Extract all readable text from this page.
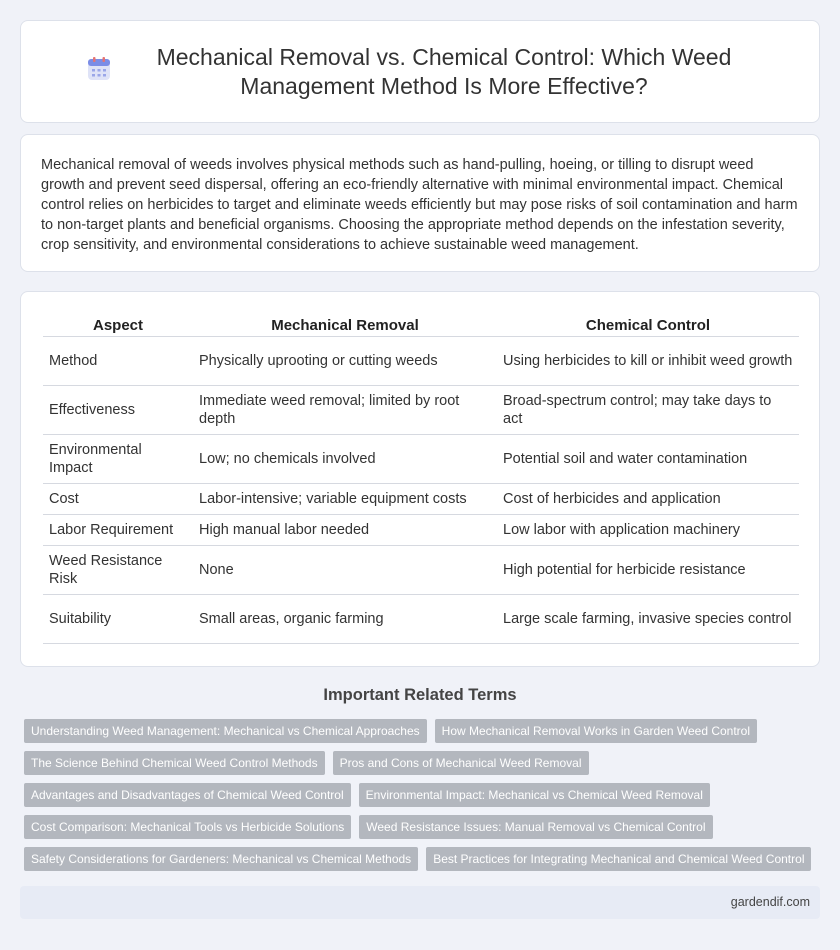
Mechanical Removal vs. Chemical Control: Which Weed Management Method Is More Effective?

Mechanical removal of weeds involves physical methods such as hand-pulling, hoeing, or tilling to disrupt weed growth and prevent seed dispersal, offering an eco-friendly alternative with minimal environmental impact. Chemical control relies on herbicides to target and eliminate weeds efficiently but may pose risks of soil contamination and harm to non-target plants and beneficial organisms. Choosing the appropriate method depends on the infestation severity, crop sensitivity, and environmental considerations to achieve sustainable weed management.

Aspect	Mechanical Removal	Chemical Control
Method	Physically uprooting or cutting weeds	Using herbicides to kill or inhibit weed growth
Effectiveness	Immediate weed removal; limited by root depth	Broad-spectrum control; may take days to act
Environmental Impact	Low; no chemicals involved	Potential soil and water contamination
Cost	Labor-intensive; variable equipment costs	Cost of herbicides and application
Labor Requirement	High manual labor needed	Low labor with application machinery
Weed Resistance Risk	None	High potential for herbicide resistance
Suitability	Small areas, organic farming	Large scale farming, invasive species control
Important Related Terms
Understanding Weed Management: Mechanical vs Chemical Approaches	How Mechanical Removal Works in Garden Weed Control
The Science Behind Chemical Weed Control Methods	Pros and Cons of Mechanical Weed Removal
Advantages and Disadvantages of Chemical Weed Control	Environmental Impact: Mechanical vs Chemical Weed Removal
Cost Comparison: Mechanical Tools vs Herbicide Solutions	Weed Resistance Issues: Manual Removal vs Chemical Control
Safety Considerations for Gardeners: Mechanical vs Chemical Methods	Best Practices for Integrating Mechanical and Chemical Weed Control
gardendif.com
